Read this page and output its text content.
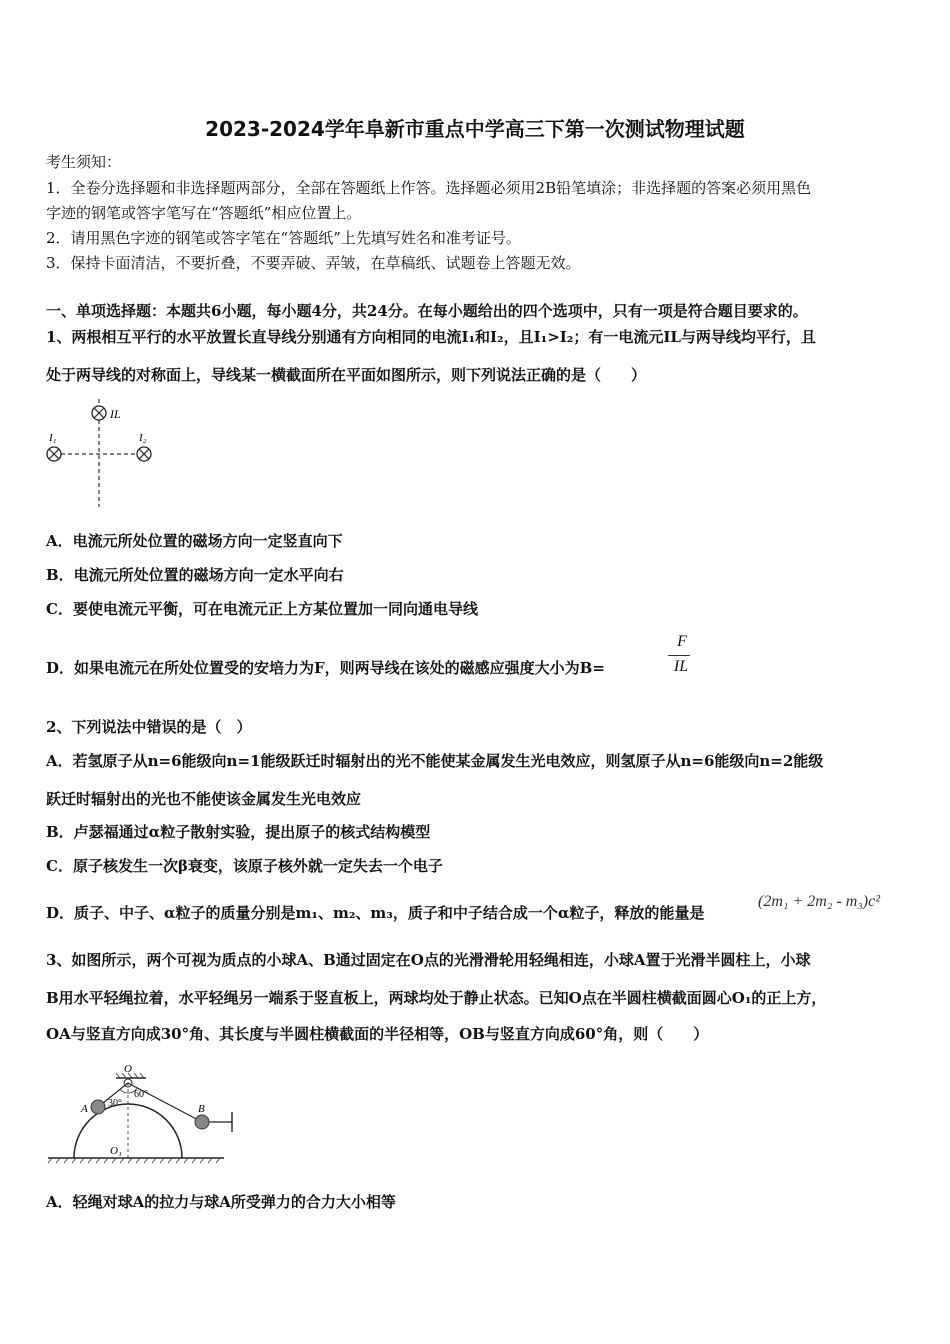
2023-2024学年阜新市重点中学高三下第一次测试物理试题
考生须知：
1．全卷分选择题和非选择题两部分，全部在答题纸上作答。选择题必须用2B铅笔填涂；非选择题的答案必须用黑色
字迹的钢笔或答字笔写在“答题纸”相应位置上。
2．请用黑色字迹的钢笔或答字笔在“答题纸”上先填写姓名和准考证号。
3．保持卡面清洁，不要折叠，不要弄破、弄皱，在草稿纸、试题卷上答题无效。
一、单项选择题：本题共6小题，每小题4分，共24分。在每小题给出的四个选项中，只有一项是符合题目要求的。
1、两根相互平行的水平放置长直导线分别通有方向相同的电流I₁和I₂，且I₁>I₂；有一电流元IL与两导线均平行，且
处于两导线的对称面上，导线某一横截面所在平面如图所示，则下列说法正确的是（　　）
IL
I₁	I₂
A．电流元所处位置的磁场方向一定竖直向下
B．电流元所处位置的磁场方向一定水平向右
C．要使电流元平衡，可在电流元正上方某位置加一同向通电导线
D．如果电流元在所处位置受的安培力为F，则两导线在该处的磁感应强度大小为B=
F
IL
2、下列说法中错误的是（　）
A．若氢原子从n=6能级向n=1能级跃迁时辐射出的光不能使某金属发生光电效应，则氢原子从n=6能级向n=2能级
跃迁时辐射出的光也不能使该金属发生光电效应
B．卢瑟福通过α粒子散射实验，提出原子的核式结构模型
C．原子核发生一次β衰变，该原子核外就一定失去一个电子
D．质子、中子、α粒子的质量分别是m₁、m₂、m₃，质子和中子结合成一个α粒子，释放的能量是
(2m₁ + 2m₂ - m₃)c²
3、如图所示，两个可视为质点的小球A、B通过固定在O点的光滑滑轮用轻绳相连，小球A置于光滑半圆柱上，小球
B用水平轻绳拉着，水平轻绳另一端系于竖直板上，两球均处于静止状态。已知O点在半圆柱横截面圆心O₁的正上方，
OA与竖直方向成30°角、其长度与半圆柱横截面的半径相等，OB与竖直方向成60°角，则（　　）
O
A	B
30°
60°
O₁
A．轻绳对球A的拉力与球A所受弹力的合力大小相等
